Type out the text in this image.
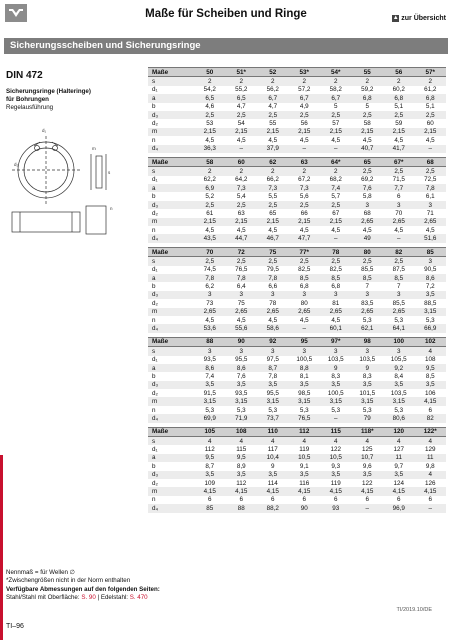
Maße für Scheiben und Ringe	▲ zur Übersicht
Sicherungsscheiben und Sicherungsringe
DIN 472
Sicherungsringe (Halteringe)
für Bohrungen
Regelausführung
d₁
d₂
s
m
n
Maße	50	51*	52	53*	54*	55	56	57*
s	2	2	2	2	2	2	2	2
d₁	54,2	55,2	56,2	57,2	58,2	59,2	60,2	61,2
a	6,5	6,5	6,7	6,7	6,7	6,8	6,8	6,8
b	4,6	4,7	4,7	4,9	5	5	5,1	5,1
d₃	2,5	2,5	2,5	2,5	2,5	2,5	2,5	2,5
d₂	53	54	55	56	57	58	59	60
m	2,15	2,15	2,15	2,15	2,15	2,15	2,15	2,15
n	4,5	4,5	4,5	4,5	4,5	4,5	4,5	4,5
d₄	36,3	–	37,9	–	–	40,7	41,7	–
Maße	58	60	62	63	64*	65	67*	68
s	2	2	2	2	2	2,5	2,5	2,5
d₁	62,2	64,2	66,2	67,2	68,2	69,2	71,5	72,5
a	6,9	7,3	7,3	7,3	7,4	7,6	7,7	7,8
b	5,2	5,4	5,5	5,6	5,7	5,8	6	6,1
d₃	2,5	2,5	2,5	2,5	2,5	3	3	3
d₂	61	63	65	66	67	68	70	71
m	2,15	2,15	2,15	2,15	2,15	2,65	2,65	2,65
n	4,5	4,5	4,5	4,5	4,5	4,5	4,5	4,5
d₄	43,5	44,7	46,7	47,7	–	49	–	51,6
Maße	70	72	75	77*	78	80	82	85
s	2,5	2,5	2,5	2,5	2,5	2,5	2,5	3
d₁	74,5	76,5	79,5	82,5	82,5	85,5	87,5	90,5
a	7,8	7,8	7,8	8,5	8,5	8,5	8,5	8,6
b	6,2	6,4	6,6	6,8	6,8	7	7	7,2
d₃	3	3	3	3	3	3	3	3,5
d₂	73	75	78	80	81	83,5	85,5	88,5
m	2,65	2,65	2,65	2,65	2,65	2,65	2,65	3,15
n	4,5	4,5	4,5	4,5	4,5	5,3	5,3	5,3
d₄	53,6	55,6	58,6	–	60,1	62,1	64,1	66,9
Maße	88	90	92	95	97*	98	100	102
s	3	3	3	3	3	3	3	4
d₁	93,5	95,5	97,5	100,5	103,5	103,5	105,5	108
a	8,6	8,6	8,7	8,8	9	9	9,2	9,5
b	7,4	7,6	7,8	8,1	8,3	8,3	8,4	8,5
d₃	3,5	3,5	3,5	3,5	3,5	3,5	3,5	3,5
d₂	91,5	93,5	95,5	98,5	100,5	101,5	103,5	106
m	3,15	3,15	3,15	3,15	3,15	3,15	3,15	4,15
n	5,3	5,3	5,3	5,3	5,3	5,3	5,3	6
d₄	69,9	71,9	73,7	76,5	–	79	80,6	82
Maße	105	108	110	112	115	118*	120	122*
s	4	4	4	4	4	4	4	4
d₁	112	115	117	119	122	125	127	129
a	9,5	9,5	10,4	10,5	10,5	10,7	11	11
b	8,7	8,9	9	9,1	9,3	9,6	9,7	9,8
d₃	3,5	3,5	3,5	3,5	3,5	3,5	3,5	4
d₂	109	112	114	116	119	122	124	126
m	4,15	4,15	4,15	4,15	4,15	4,15	4,15	4,15
n	6	6	6	6	6	6	6	6
d₄	85	88	88,2	90	93	–	96,9	–
Nennmaß = für Wellen ∅
*Zwischengrößen nicht in der Norm enthalten
Verfügbare Abmessungen auf den folgenden Seiten:
Stahl/Stahl mit Oberfläche: S. 90 | Edelstahl: S. 470
TI/2019.10/DE
TI–96
